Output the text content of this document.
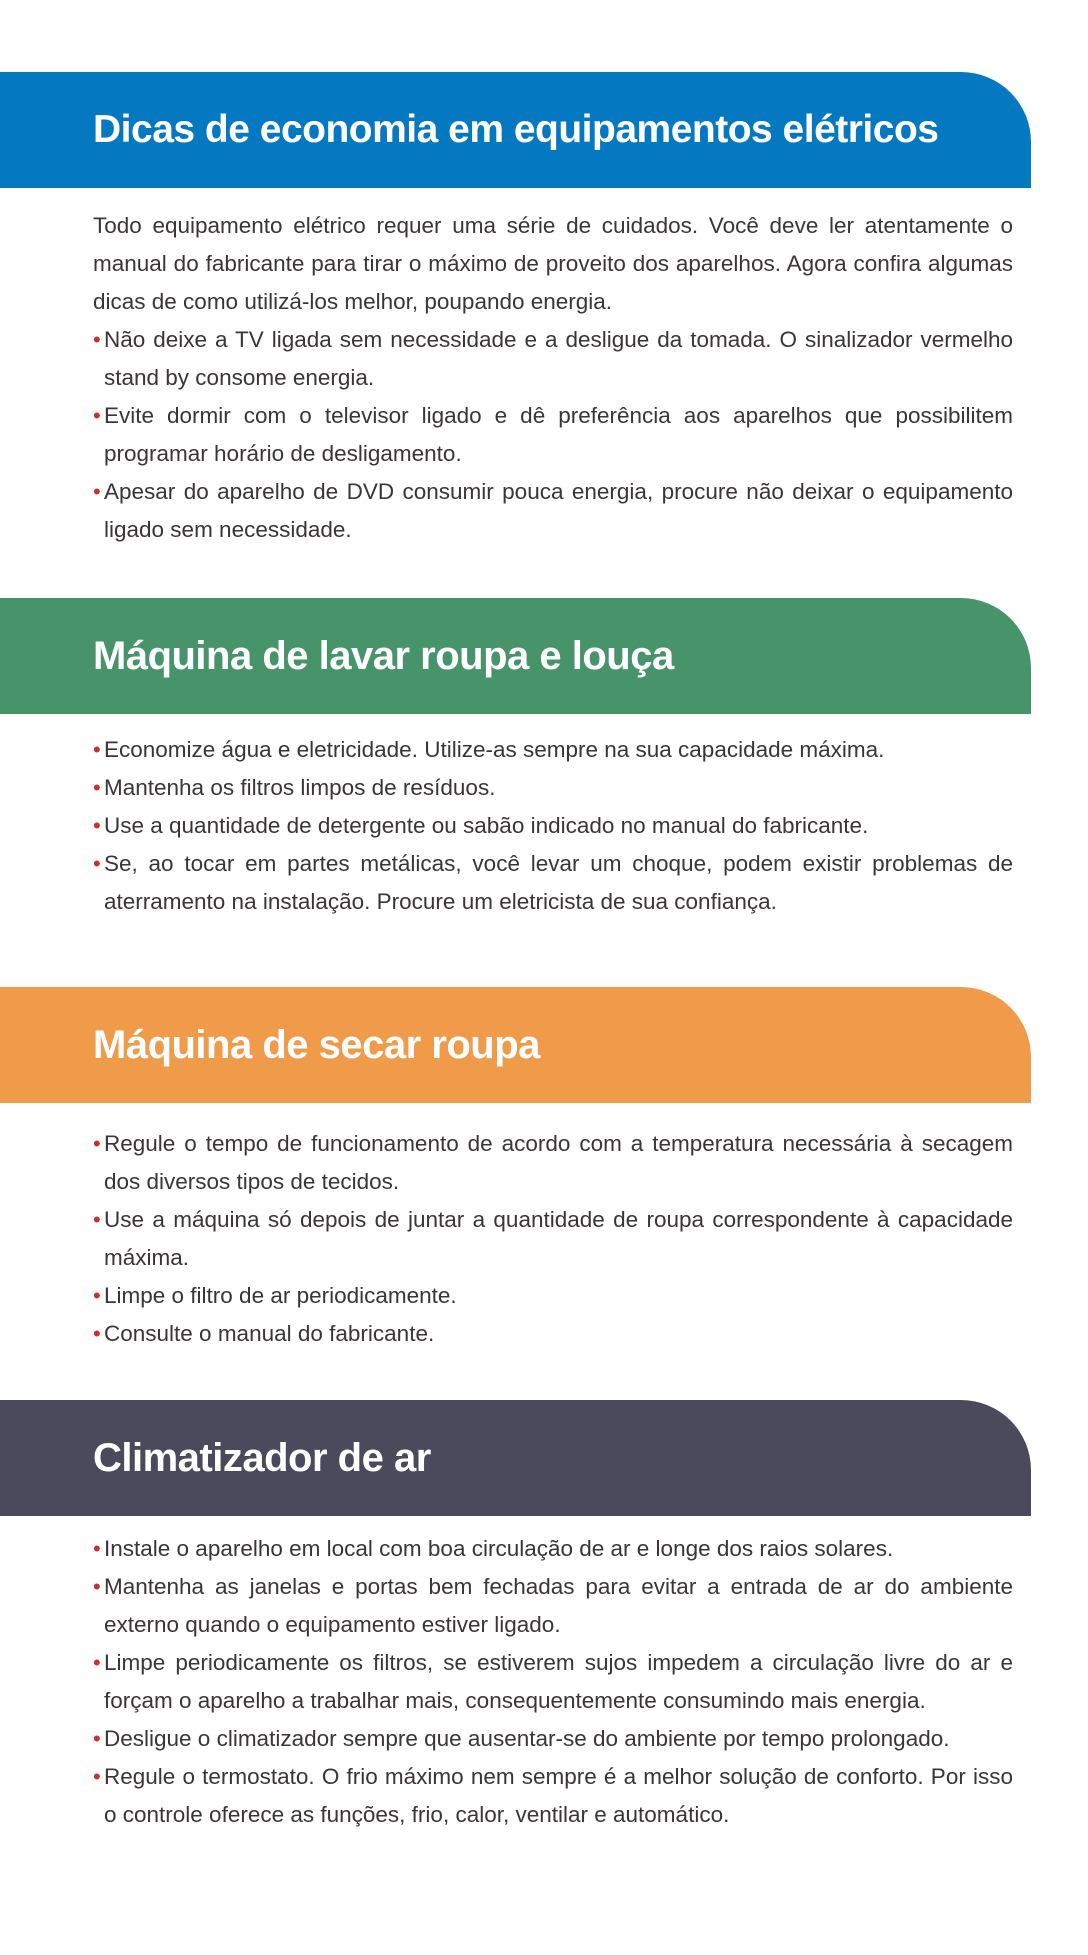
Dicas de economia em equipamentos elétricos

Todo equipamento elétrico requer uma série de cuidados. Você deve ler atentamente o manual do fabricante para tirar o máximo de proveito dos aparelhos. Agora confira algumas dicas de como utilizá-los melhor, poupando energia.

• Não deixe a TV ligada sem necessidade e a desligue da tomada. O sinalizador vermelho stand by consome energia.
• Evite dormir com o televisor ligado e dê preferência aos aparelhos que possibilitem programar horário de desligamento.
• Apesar do aparelho de DVD consumir pouca energia, procure não deixar o equipamento ligado sem necessidade.
Máquina de lavar roupa e louça
• Economize água e eletricidade. Utilize-as sempre na sua capacidade máxima.
• Mantenha os filtros limpos de resíduos.
• Use a quantidade de detergente ou sabão indicado no manual do fabricante.
• Se, ao tocar em partes metálicas, você levar um choque, podem existir problemas de aterramento na instalação. Procure um eletricista de sua confiança.
Máquina de secar roupa
• Regule o tempo de funcionamento de acordo com a temperatura necessária à secagem dos diversos tipos de tecidos.
• Use a máquina só depois de juntar a quantidade de roupa correspondente à capacidade máxima.
• Limpe o filtro de ar periodicamente.
• Consulte o manual do fabricante.
Climatizador de ar
• Instale o aparelho em local com boa circulação de ar e longe dos raios solares.
• Mantenha as janelas e portas bem fechadas para evitar a entrada de ar do ambiente externo quando o equipamento estiver ligado.
• Limpe periodicamente os filtros, se estiverem sujos impedem a circulação livre do ar e forçam o aparelho a trabalhar mais, consequentemente consumindo mais energia.
• Desligue o climatizador sempre que ausentar-se do ambiente por tempo prolongado.
• Regule o termostato. O frio máximo nem sempre é a melhor solução de conforto. Por isso o controle oferece as funções, frio, calor, ventilar e automático.
